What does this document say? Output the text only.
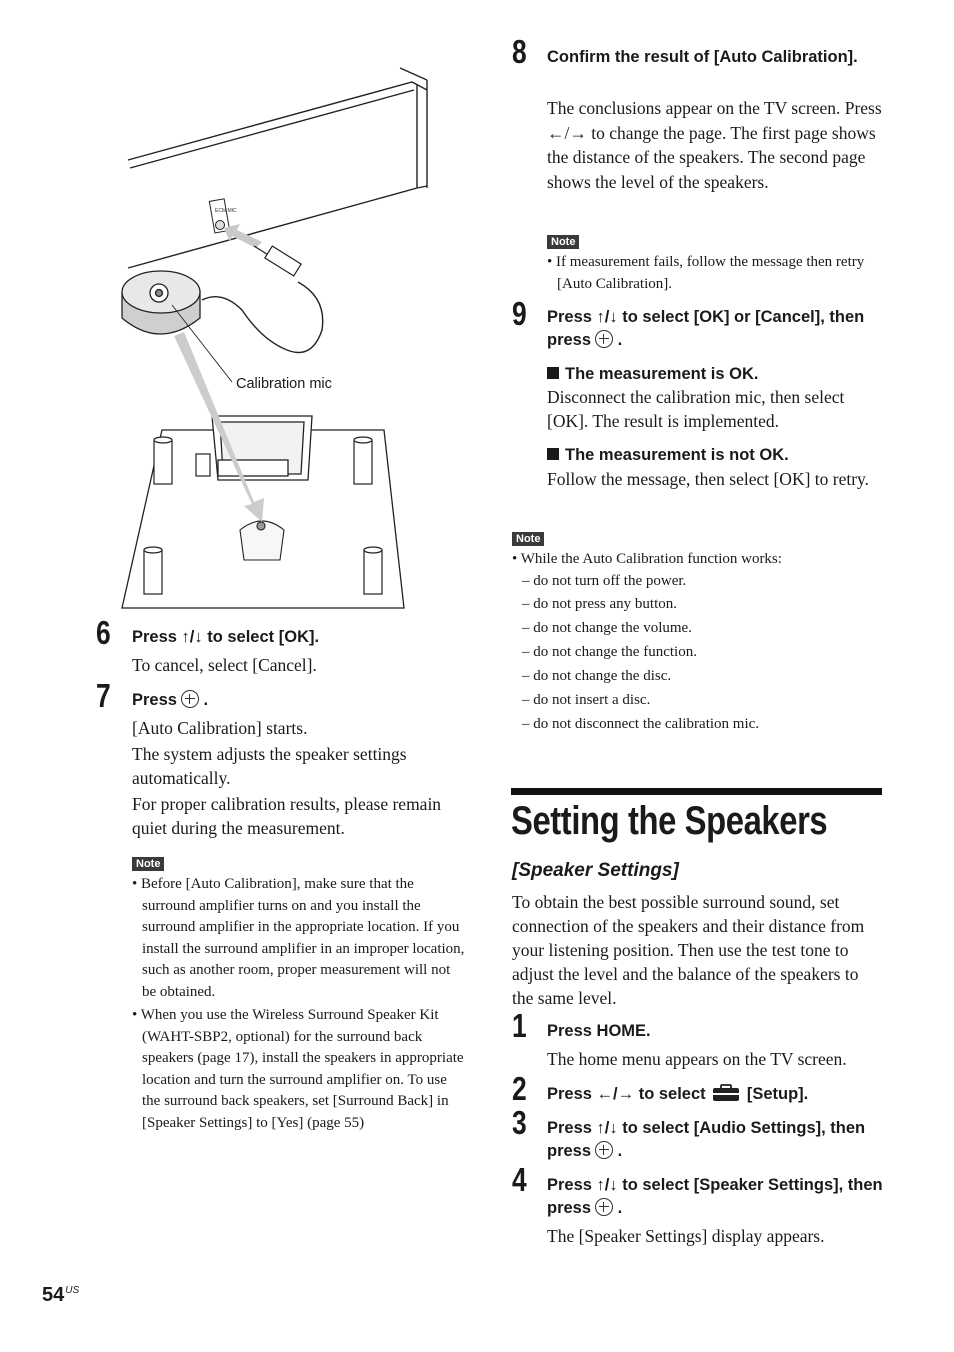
ECM MIC
Calibration mic
6 Press ↑/↓ to select [OK].
To cancel, select [Cancel].
7 Press .

[Auto Calibration] starts.

The system adjusts the speaker settings automatically.

For proper calibration results, please remain quiet during the measurement.

Note

• Before [Auto Calibration], make sure that the surround amplifier turns on and you install the surround amplifier in the appropriate location. If you install the surround amplifier in an improper location, such as another room, proper measurement will not be obtained.

• When you use the Wireless Surround Speaker Kit (WAHT-SBP2, optional) for the surround back speakers (page 17), install the speakers in appropriate location and turn the surround amplifier on. To use the surround back speakers, set [Surround Back] in [Speaker Settings] to [Yes] (page 55)

8 Confirm the result of [Auto Calibration].
The conclusions appear on the TV screen. Press ←/→ to change the page. The first page shows the distance of the speakers. The second page shows the level of the speakers.
Note

• If measurement fails, follow the message then retry [Auto Calibration].

9 Press ↑/↓ to select [OK] or [Cancel], then press .
The measurement is OK.
Disconnect the calibration mic, then select [OK]. The result is implemented.
The measurement is not OK.
Follow the message, then select [OK] to retry.
Note

• While the Auto Calibration function works:

– do not turn off the power.

– do not press any button.

– do not change the volume.

– do not change the function.

– do not change the disc.

– do not insert a disc.

– do not disconnect the calibration mic.

Setting the Speakers
[Speaker Settings]
To obtain the best possible surround sound, set connection of the speakers and their distance from your listening position. Then use the test tone to adjust the level and the balance of the speakers to the same level.
1 Press HOME.
The home menu appears on the TV screen.
2 Press ←/→ to select [Setup].
3 Press ↑/↓ to select [Audio Settings], then press .
4 Press ↑/↓ to select [Speaker Settings], then press .
The [Speaker Settings] display appears.
$54^{US}$
